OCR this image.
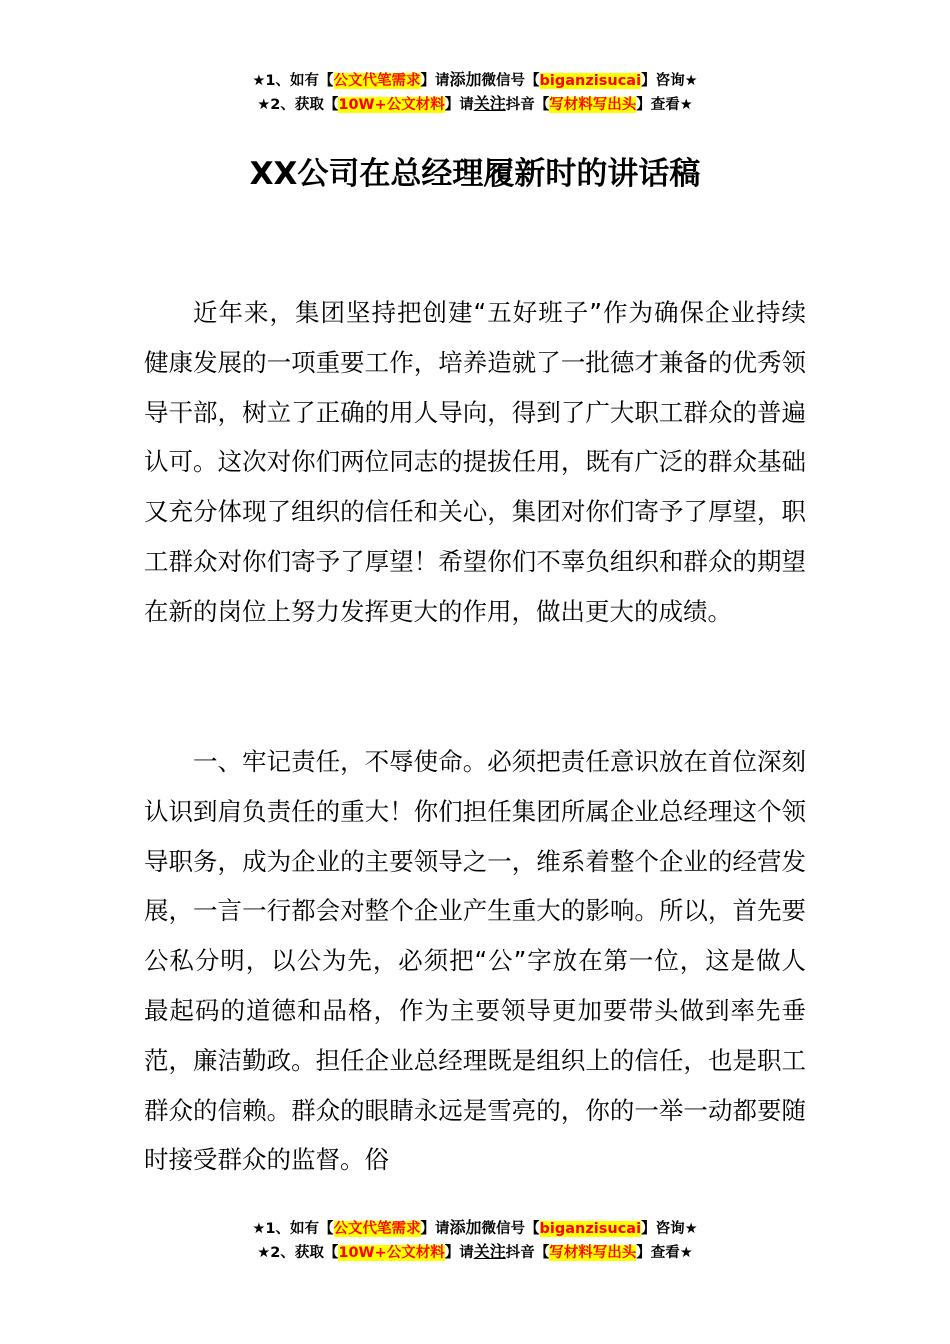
★1、如有【公文代笔需求】请添加微信号【biganzisucai】咨询★
★2、获取【10W+公文材料】请关注抖音【写材料写出头】查看★
XX公司在总经理履新时的讲话稿

近年来，集团坚持把创建“五好班子”作为确保企业持续健康发展的一项重要工作，培养造就了一批德才兼备的优秀领导干部，树立了正确的用人导向，得到了广大职工群众的普遍认可。这次对你们两位同志的提拔任用，既有广泛的群众基础又充分体现了组织的信任和关心，集团对你们寄予了厚望，职工群众对你们寄予了厚望！希望你们不辜负组织和群众的期望在新的岗位上努力发挥更大的作用，做出更大的成绩。

一、牢记责任，不辱使命。必须把责任意识放在首位深刻认识到肩负责任的重大！你们担任集团所属企业总经理这个领导职务，成为企业的主要领导之一，维系着整个企业的经营发展，一言一行都会对整个企业产生重大的影响。所以，首先要公私分明，以公为先，必须把“公”字放在第一位，这是做人最起码的道德和品格，作为主要领导更加要带头做到率先垂范，廉洁勤政。担任企业总经理既是组织上的信任，也是职工群众的信赖。群众的眼睛永远是雪亮的，你的一举一动都要随时接受群众的监督。俗

★1、如有【公文代笔需求】请添加微信号【biganzisucai】咨询★
★2、获取【10W+公文材料】请关注抖音【写材料写出头】查看★
